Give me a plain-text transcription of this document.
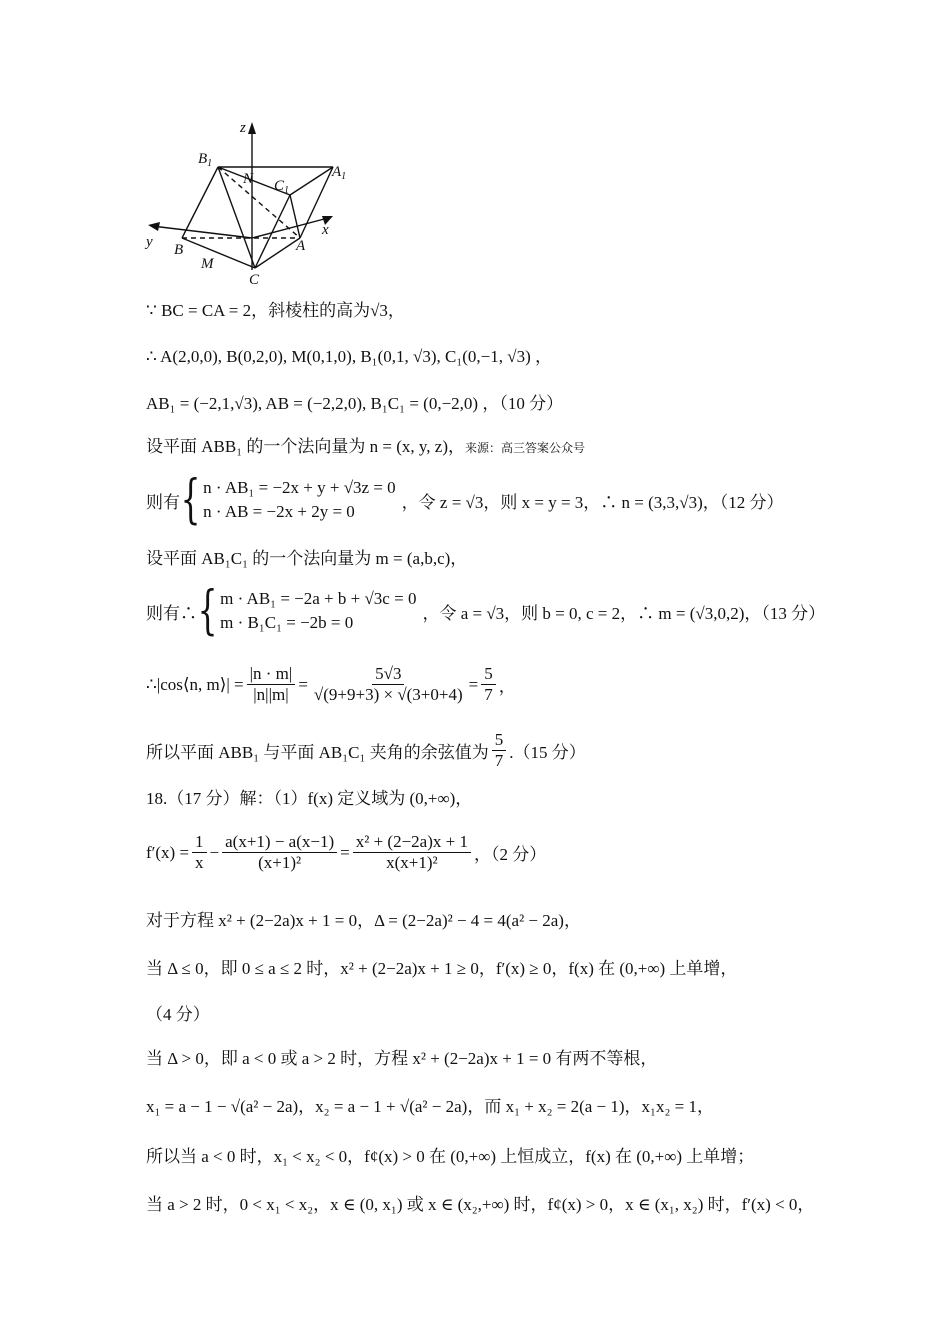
z
y
x
$B_1$
$A_1$
$C_1$
N
B
M
C
A
∵ BC = CA = 2，斜棱柱的高为√3，
∴ A(2,0,0), B(0,2,0), M(0,1,0), B₁(0,1, √3), C₁(0,−1, √3) ，
AB₁ = (−2,1,√3), AB = (−2,2,0), B₁C₁ = (0,−2,0) ，（10 分）
设平面 ABB₁ 的一个法向量为 n = (x, y, z)，来源：高三答案公众号
则有 { n · AB₁ = −2x + y + √3z = 0
n · AB = −2x + 2y = 0	，令 z = √3，则 x = y = 3，∴ n = (3,3,√3)，（12 分）
设平面 AB₁C₁ 的一个法向量为 m = (a,b,c)，
则有∴ { m · AB₁ = −2a + b + √3c = 0
m · B₁C₁ = −2b = 0	，令 a = √3，则 b = 0, c = 2，∴ m = (√3,0,2)，（13 分）
∴|cos⟨n, m⟩| = $\frac{|n \cdot m|}{|n||m|} = \frac{5√3}{√(9+9+3) \times √(3+0+4)} = \frac{5}{7}$ ，
所以平面 ABB₁ 与平面 AB₁C₁ 夹角的余弦值为 $\frac{5}{7} .(15$ 分）
18.（17 分）解：（1）f(x) 定义域为 (0,+∞)，
$f'(x) = \frac{1}{x} - \frac{a(x+1) - a(x-1)}{\text{(x+1)²}} = \frac{\text{x² + (2−2a)x + 1}}{\text{x(x+1)²}}$ ，（2 分）
对于方程 x² + (2−2a)x + 1 = 0，Δ = (2−2a)² − 4 = 4(a² − 2a)，
当 Δ ≤ 0，即 0 ≤ a ≤ 2 时，x² + (2−2a)x + 1 ≥ 0，f′(x) ≥ 0，f(x) 在 (0,+∞) 上单增，
（4 分）
当 Δ > 0，即 a < 0 或 a > 2 时，方程 x² + (2−2a)x + 1 = 0 有两不等根，
x₁ = a − 1 − √(a² − 2a)，x₂ = a − 1 + √(a² − 2a)，而 x₁ + x₂ = 2(a − 1)，x₁x₂ = 1，
所以当 a < 0 时，x₁ < x₂ < 0，f¢(x) > 0 在 (0,+∞) 上恒成立，f(x) 在 (0,+∞) 上单增；
当 a > 2 时，0 < x₁ < x₂，x ∈ (0, x₁) 或 x ∈ (x₂,+∞) 时，f¢(x) > 0，x ∈ (x₁, x₂) 时，f′(x) < 0，
